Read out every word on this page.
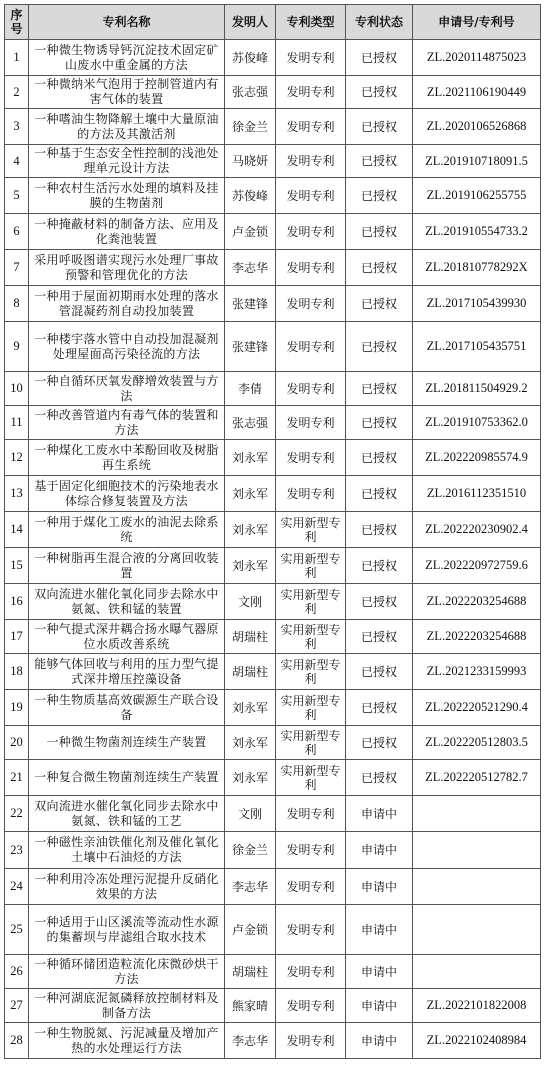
序号	专利名称	发明人	专利类型	专利状态	申请号/专利号
1	一种微生物诱导钙沉淀技术固定矿山废水中重金属的方法	苏俊峰	发明专利	已授权	ZL.2020114875023
2	一种微纳米气泡用于控制管道内有害气体的装置	张志强	发明专利	已授权	ZL.2021106190449
3	一种嗜油生物降解土壤中大量原油的方法及其激活剂	徐金兰	发明专利	已授权	ZL.2020106526868
4	一种基于生态安全性控制的浅池处理单元设计方法	马晓妍	发明专利	已授权	ZL.201910718091.5
5	一种农村生活污水处理的填料及挂膜的生物菌剂	苏俊峰	发明专利	已授权	ZL.2019106255755
6	一种掩蔽材料的制备方法、应用及化粪池装置	卢金锁	发明专利	已授权	ZL.201910554733.2
7	采用呼吸图谱实现污水处理厂事故预警和管理优化的方法	李志华	发明专利	已授权	ZL.201810778292X
8	一种用于屋面初期雨水处理的落水管混凝药剂自动投加装置	张建锋	发明专利	已授权	ZL.2017105439930
9	一种楼宇落水管中自动投加混凝剂处理屋面高污染径流的方法	张建锋	发明专利	已授权	ZL.2017105435751
10	一种自循环厌氧发酵增效装置与方法	李倩	发明专利	已授权	ZL.201811504929.2
11	一种改善管道内有毒气体的装置和方法	张志强	发明专利	已授权	ZL.201910753362.0
12	一种煤化工废水中苯酚回收及树脂再生系统	刘永军	发明专利	已授权	ZL.202220985574.9
13	基于固定化细胞技术的污染地表水体综合修复装置及方法	刘永军	发明专利	已授权	ZL.2016112351510
14	一种用于煤化工废水的油泥去除系统	刘永军	实用新型专利	已授权	ZL.202220230902.4
15	一种树脂再生混合液的分离回收装置	刘永军	实用新型专利	已授权	ZL.202220972759.6
16	双向流进水催化氧化同步去除水中氨氮、铁和锰的装置	文刚	实用新型专利	已授权	ZL.2022203254688
17	一种气提式深井耦合扬水曝气器原位水质改善系统	胡瑞柱	实用新型专利	已授权	ZL.2022203254688
18	能够气体回收与利用的压力型气提式深井增压控藻设备	胡瑞柱	实用新型专利	已授权	ZL.2021233159993
19	一种生物质基高效碳源生产联合设备	刘永军	实用新型专利	已授权	ZL.202220521290.4
20	一种微生物菌剂连续生产装置	刘永军	实用新型专利	已授权	ZL.202220512803.5
21	一种复合微生物菌剂连续生产装置	刘永军	实用新型专利	已授权	ZL.202220512782.7
22	双向流进水催化氧化同步去除水中氨氮、铁和锰的工艺	文刚	发明专利	申请中	
23	一种磁性亲油铁催化剂及催化氧化土壤中石油烃的方法	徐金兰	发明专利	申请中	
24	一种利用冷冻处理污泥提升反硝化效果的方法	李志华	发明专利	申请中	
25	一种适用于山区溪流等流动性水源的集蓄坝与岸滤组合取水技术	卢金锁	发明专利	申请中	
26	一种循环储团造粒流化床微砂烘干方法	胡瑞柱	发明专利	申请中	
27	一种河湖底泥氮磷释放控制材料及制备方法	熊家晴	发明专利	申请中	ZL.2022101822008
28	一种生物脱氮、污泥减量及增加产热的水处理运行方法	李志华	发明专利	申请中	ZL.2022102408984
